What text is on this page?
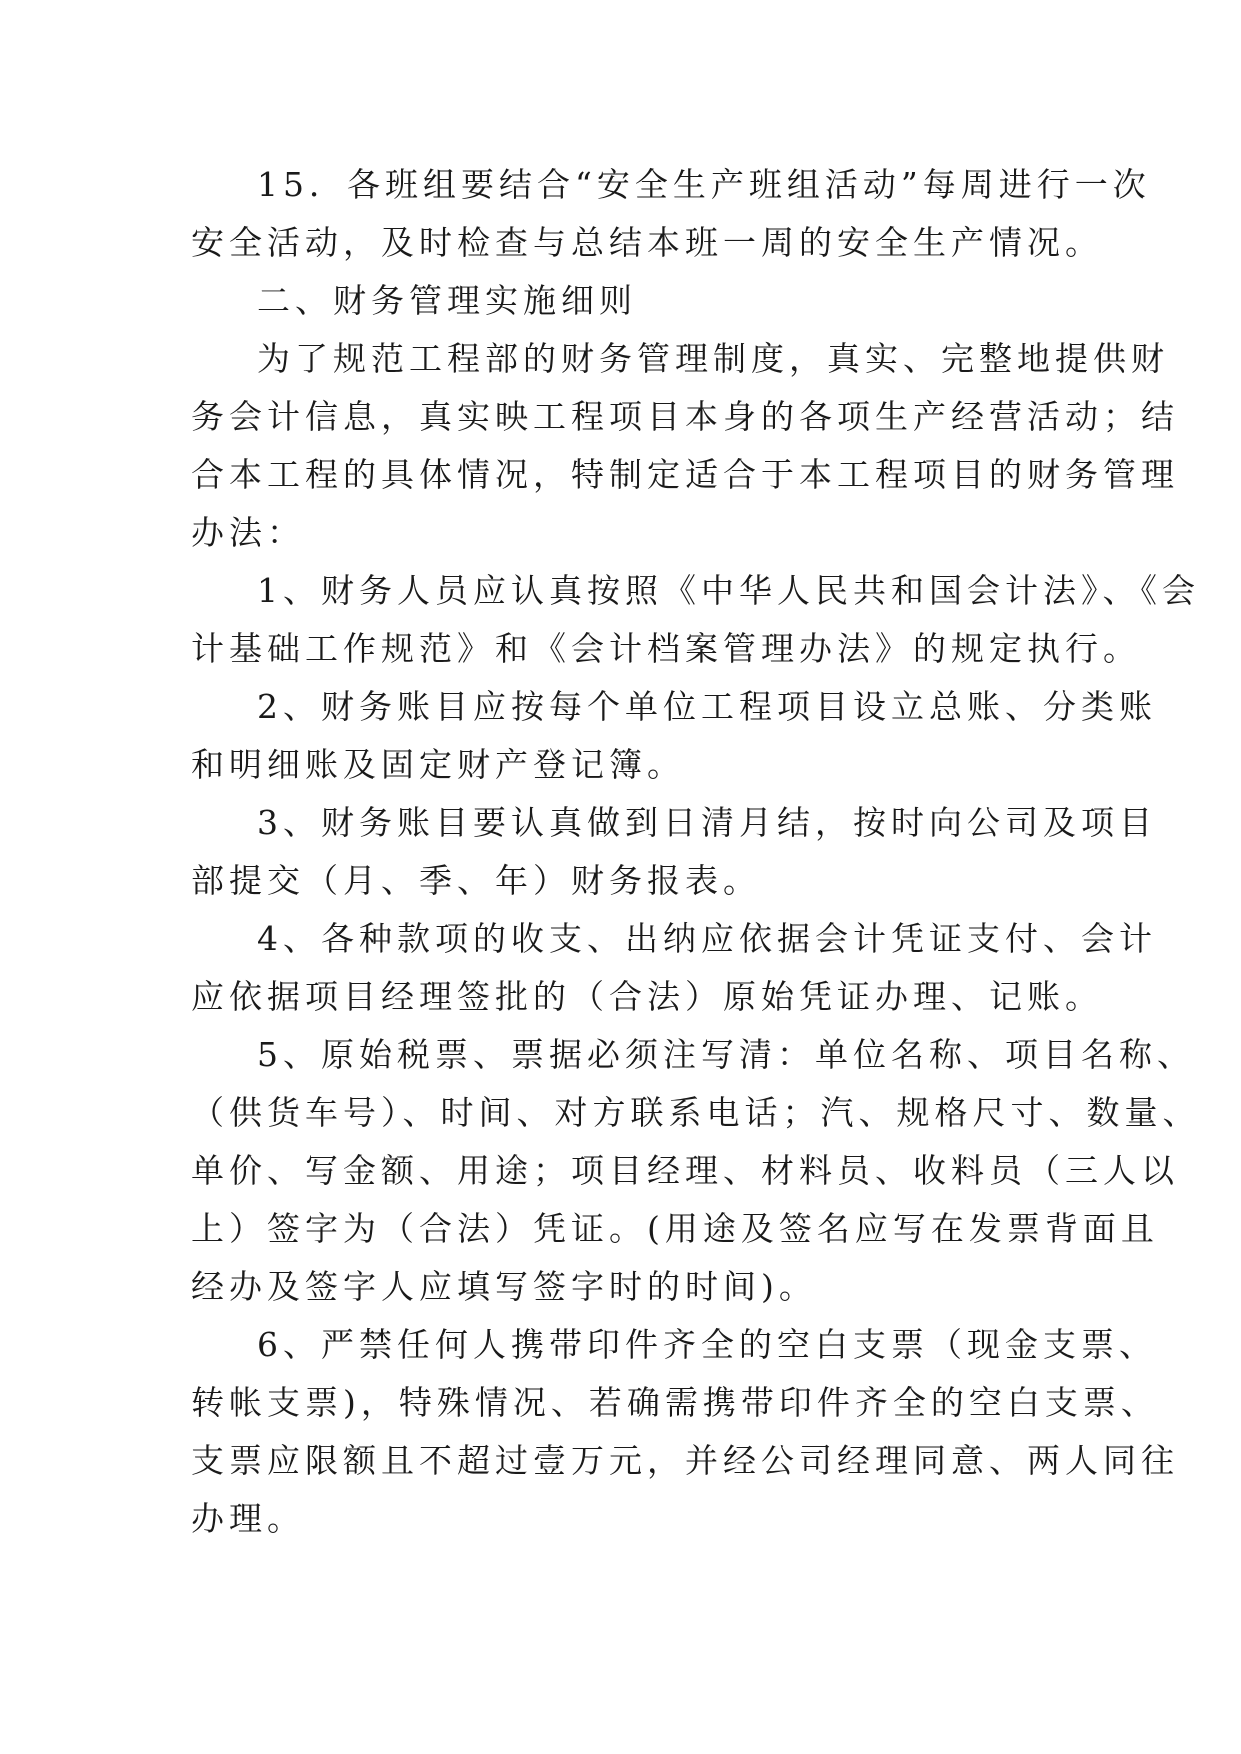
15．各班组要结合“安全生产班组活动”每周进行一次
安全活动，及时检查与总结本班一周的安全生产情况。
二、财务管理实施细则
为了规范工程部的财务管理制度，真实、完整地提供财
务会计信息，真实映工程项目本身的各项生产经营活动；结
合本工程的具体情况，特制定适合于本工程项目的财务管理
办法：
1、财务人员应认真按照《中华人民共和国会计法》、《会
计基础工作规范》和《会计档案管理办法》的规定执行。
2、财务账目应按每个单位工程项目设立总账、分类账
和明细账及固定财产登记簿。
3、财务账目要认真做到日清月结，按时向公司及项目
部提交（月、季、年）财务报表。
4、各种款项的收支、出纳应依据会计凭证支付、会计
应依据项目经理签批的（合法）原始凭证办理、记账。
5、原始税票、票据必须注写清：单位名称、项目名称、
（供货车号）、时间、对方联系电话；汽、规格尺寸、数量、
单价、写金额、用途；项目经理、材料员、收料员（三人以
上）签字为（合法）凭证。(用途及签名应写在发票背面且
经办及签字人应填写签字时的时间)。
6、严禁任何人携带印件齐全的空白支票（现金支票、
转帐支票)，特殊情况、若确需携带印件齐全的空白支票、
支票应限额且不超过壹万元，并经公司经理同意、两人同往
办理。
